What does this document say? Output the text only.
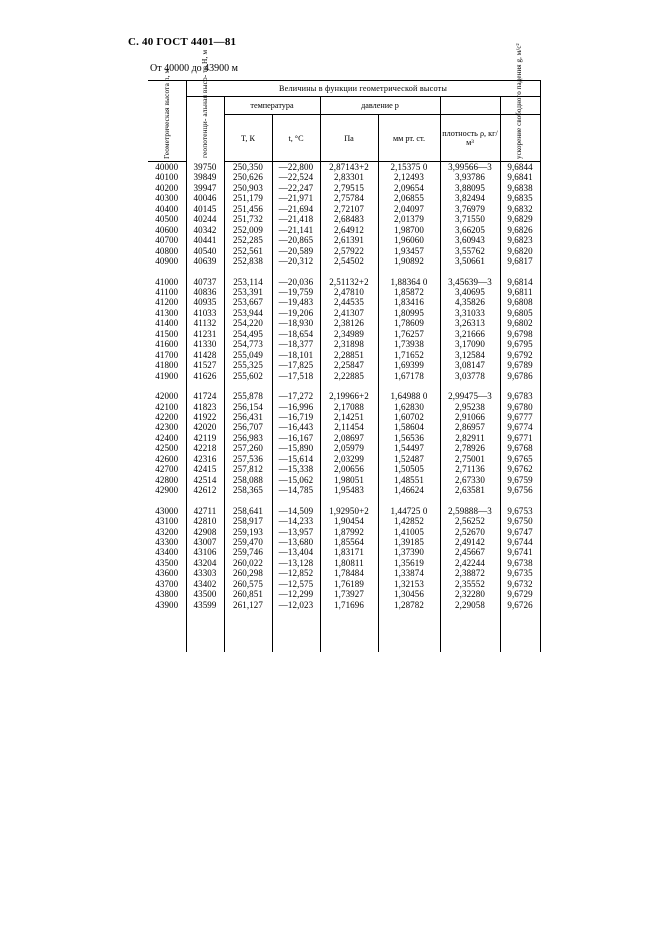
С. 40 ГОСТ 4401—81
От 40000 до 43900 м
Геометрическая высота h, м	Величины в функции геометрической высоты						

	геопотенци- альная высо- та H, м	температура		давление p			
		T, К	t, °C	Па	мм рт. ст.	плотность ρ, кг/м³	ускорение свободного падения g, м/с²

40000	39750	250,350	—22,800	2,87143+2	2,15375 0	3,99566—3	9,6844
40100	39849	250,626	—22,524	2,83301	2,12493	3,93786	9,6841
40200	39947	250,903	—22,247	2,79515	2,09654	3,88095	9,6838
40300	40046	251,179	—21,971	2,75784	2,06855	3,82494	9,6835
40400	40145	251,456	—21,694	2,72107	2,04097	3,76979	9,6832
40500	40244	251,732	—21,418	2,68483	2,01379	3,71550	9,6829
40600	40342	252,009	—21,141	2,64912	1,98700	3,66205	9,6826
40700	40441	252,285	—20,865	2,61391	1,96060	3,60943	9,6823
40800	40540	252,561	—20,589	2,57922	1,93457	3,55762	9,6820
40900	40639	252,838	—20,312	2,54502	1,90892	3,50661	9,6817

41000	40737	253,114	—20,036	2,51132+2	1,88364 0	3,45639—3	9,6814
41100	40836	253,391	—19,759	2,47810	1,85872	3,40695	9,6811
41200	40935	253,667	—19,483	2,44535	1,83416	4,35826	9,6808
41300	41033	253,944	—19,206	2,41307	1,80995	3,31033	9,6805
41400	41132	254,220	—18,930	2,38126	1,78609	3,26313	9,6802
41500	41231	254,495	—18,654	2,34989	1,76257	3,21666	9,6798
41600	41330	254,773	—18,377	2,31898	1,73938	3,17090	9,6795
41700	41428	255,049	—18,101	2,28851	1,71652	3,12584	9,6792
41800	41527	255,325	—17,825	2,25847	1,69399	3,08147	9,6789
41900	41626	255,602	—17,518	2,22885	1,67178	3,03778	9,6786

42000	41724	255,878	—17,272	2,19966+2	1,64988 0	2,99475—3	9,6783
42100	41823	256,154	—16,996	2,17088	1,62830	2,95238	9,6780
42200	41922	256,431	—16,719	2,14251	1,60702	2,91066	9,6777
42300	42020	256,707	—16,443	2,11454	1,58604	2,86957	9,6774
42400	42119	256,983	—16,167	2,08697	1,56536	2,82911	9,6771
42500	42218	257,260	—15,890	2,05979	1,54497	2,78926	9,6768
42600	42316	257,536	—15,614	2,03299	1,52487	2,75001	9,6765
42700	42415	257,812	—15,338	2,00656	1,50505	2,71136	9,6762
42800	42514	258,088	—15,062	1,98051	1,48551	2,67330	9,6759
42900	42612	258,365	—14,785	1,95483	1,46624	2,63581	9,6756

43000	42711	258,641	—14,509	1,92950+2	1,44725 0	2,59888—3	9,6753
43100	42810	258,917	—14,233	1,90454	1,42852	2,56252	9,6750
43200	42908	259,193	—13,957	1,87992	1,41005	2,52670	9,6747
43300	43007	259,470	—13,680	1,85564	1,39185	2,49142	9,6744
43400	43106	259,746	—13,404	1,83171	1,37390	2,45667	9,6741
43500	43204	260,022	—13,128	1,80811	1,35619	2,42244	9,6738
43600	43303	260,298	—12,852	1,78484	1,33874	2,38872	9,6735
43700	43402	260,575	—12,575	1,76189	1,32153	2,35552	9,6732
43800	43500	260,851	—12,299	1,73927	1,30456	2,32280	9,6729
43900	43599	261,127	—12,023	1,71696	1,28782	2,29058	9,6726
